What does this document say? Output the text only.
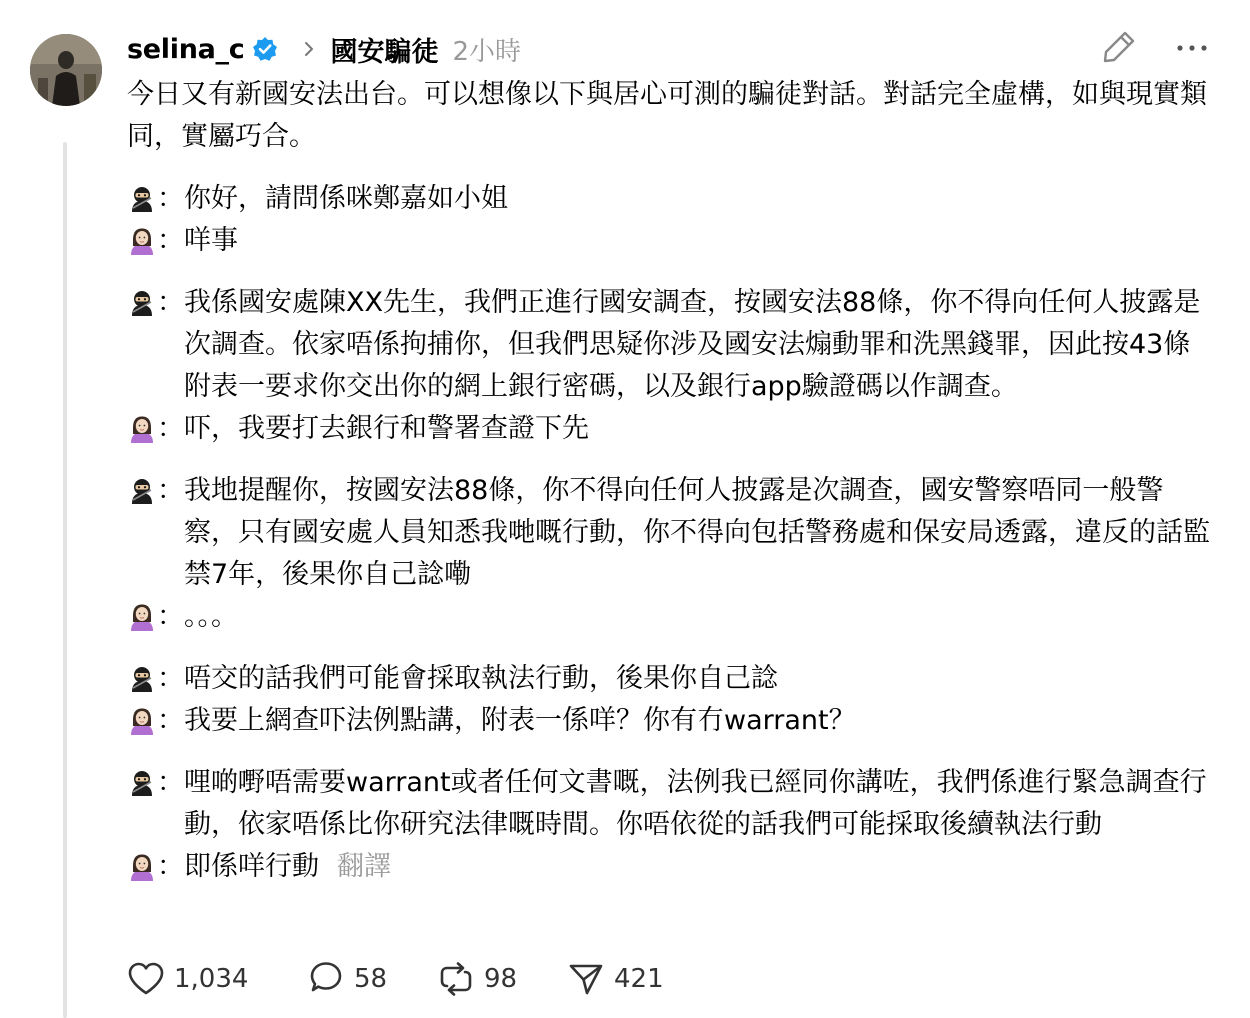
selina_c	國安騙徒 2小時
今日又有新國安法出台。可以想像以下與居心可測的騙徒對話。對話完全虛構，如與現實類同，實屬巧合。
： 你好，請問係咪鄭嘉如小姐
： 咩事
： 我係國安處陳XX先生，我們正進行國安調查，按國安法88條，你不得向任何人披露是次調查。依家唔係拘捕你，但我們思疑你涉及國安法煽動罪和洗黑錢罪，因此按43條附表一要求你交出你的網上銀行密碼，以及銀行app驗證碼以作調查。
： 吓，我要打去銀行和警署查證下先
： 我地提醒你，按國安法88條，你不得向任何人披露是次調查，國安警察唔同一般警察，只有國安處人員知悉我哋嘅行動，你不得向包括警務處和保安局透露，違反的話監禁7年，後果你自己諗嘞
： 。。。
： 唔交的話我們可能會採取執法行動，後果你自己諗
： 我要上網查吓法例點講，附表一係咩？你有冇warrant？
： 哩啲嘢唔需要warrant或者任何文書嘅，法例我已經同你講咗，我們係進行緊急調查行動，依家唔係比你研究法律嘅時間。你唔依從的話我們可能採取後續執法行動
： 即係咩行動 翻譯
1,034	58	98	421
